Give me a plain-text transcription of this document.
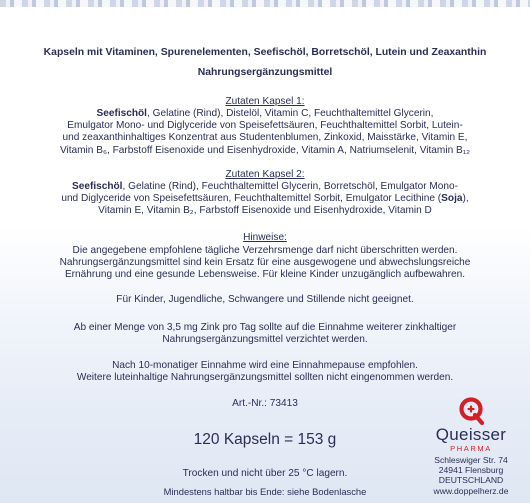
Kapseln mit Vitaminen, Spurenelementen, Seefischöl, Borretschöl, Lutein und Zeaxanthin
Nahrungsergänzungsmittel
Zutaten Kapsel 1:
Seefischöl, Gelatine (Rind), Distelöl, Vitamin C, Feuchthaltemittel Glycerin,
Emulgator Mono- und Diglyceride von Speisefettsäuren, Feuchthaltemittel Sorbit, Lutein-
und zeaxanthinhaltiges Konzentrat aus Studentenblumen, Zinkoxid, Maisstärke, Vitamin E,
Vitamin B₆, Farbstoff Eisenoxide und Eisenhydroxide, Vitamin A, Natriumselenit, Vitamin B₁₂
Zutaten Kapsel 2:
Seefischöl, Gelatine (Rind), Feuchthaltemittel Glycerin, Borretschöl, Emulgator Mono-
und Diglyceride von Speisefettsäuren, Feuchthaltemittel Sorbit, Emulgator Lecithine (Soja),
Vitamin E, Vitamin B₂, Farbstoff Eisenoxide und Eisenhydroxide, Vitamin D
Hinweise:
Die angegebene empfohlene tägliche Verzehrsmenge darf nicht überschritten werden.
Nahrungsergänzungsmittel sind kein Ersatz für eine ausgewogene und abwechslungsreiche
Ernährung und eine gesunde Lebensweise. Für kleine Kinder unzugänglich aufbewahren.
Für Kinder, Jugendliche, Schwangere und Stillende nicht geeignet.
Ab einer Menge von 3,5 mg Zink pro Tag sollte auf die Einnahme weiterer zinkhaltiger
Nahrungsergänzungsmittel verzichtet werden.
Nach 10-monatiger Einnahme wird eine Einnahmepause empfohlen.
Weitere luteinhaltige Nahrungsergänzungsmittel sollten nicht eingenommen werden.
Art.-Nr.: 73413
120 Kapseln = 153 g
Trocken und nicht über 25 °C lagern.
Mindestens haltbar bis Ende: siehe Bodenlasche
Queisser
PHARMA
Schleswiger Str. 74
24941 Flensburg
DEUTSCHLAND
www.doppelherz.de
